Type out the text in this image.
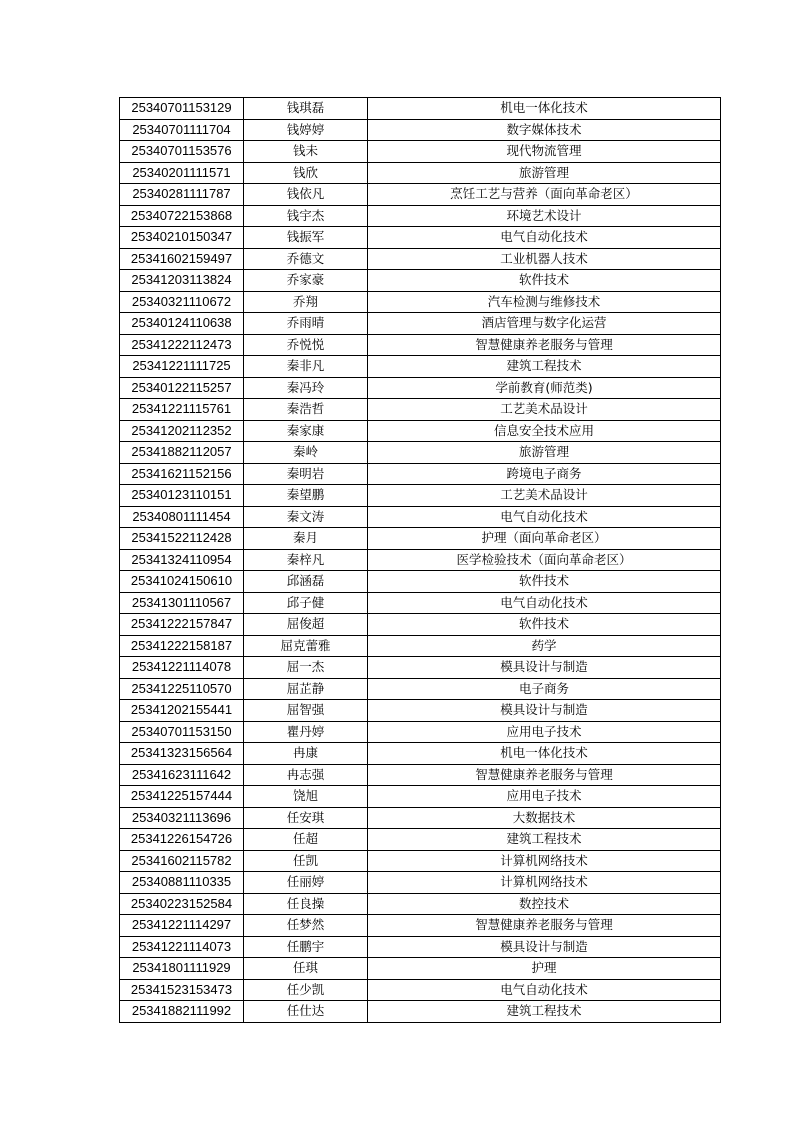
25340701153129	钱琪磊	机电一体化技术
25340701111704	钱婷婷	数字媒体技术
25340701153576	钱未	现代物流管理
25340201111571	钱欣	旅游管理
25340281111787	钱依凡	烹饪工艺与营养（面向革命老区）
25340722153868	钱宇杰	环境艺术设计
25340210150347	钱振军	电气自动化技术
25341602159497	乔德文	工业机器人技术
25341203113824	乔家豪	软件技术
25340321110672	乔翔	汽车检测与维修技术
25340124110638	乔雨晴	酒店管理与数字化运营
25341222112473	乔悦悦	智慧健康养老服务与管理
25341221111725	秦非凡	建筑工程技术
25340122115257	秦冯玲	学前教育(师范类)
25341221115761	秦浩哲	工艺美术品设计
25341202112352	秦家康	信息安全技术应用
25341882112057	秦岭	旅游管理
25341621152156	秦明岩	跨境电子商务
25340123110151	秦望鹏	工艺美术品设计
25340801111454	秦文涛	电气自动化技术
25341522112428	秦月	护理（面向革命老区）
25341324110954	秦梓凡	医学检验技术（面向革命老区）
25341024150610	邱涵磊	软件技术
25341301110567	邱子健	电气自动化技术
25341222157847	屈俊超	软件技术
25341222158187	屈克蕾雅	药学
25341221114078	屈一杰	模具设计与制造
25341225110570	屈芷静	电子商务
25341202155441	屈智强	模具设计与制造
25340701153150	瞿丹婷	应用电子技术
25341323156564	冉康	机电一体化技术
25341623111642	冉志强	智慧健康养老服务与管理
25341225157444	饶旭	应用电子技术
25340321113696	任安琪	大数据技术
25341226154726	任超	建筑工程技术
25341602115782	任凯	计算机网络技术
25340881110335	任丽婷	计算机网络技术
25340223152584	任良操	数控技术
25341221114297	任梦然	智慧健康养老服务与管理
25341221114073	任鹏宇	模具设计与制造
25341801111929	任琪	护理
25341523153473	任少凯	电气自动化技术
25341882111992	任仕达	建筑工程技术
